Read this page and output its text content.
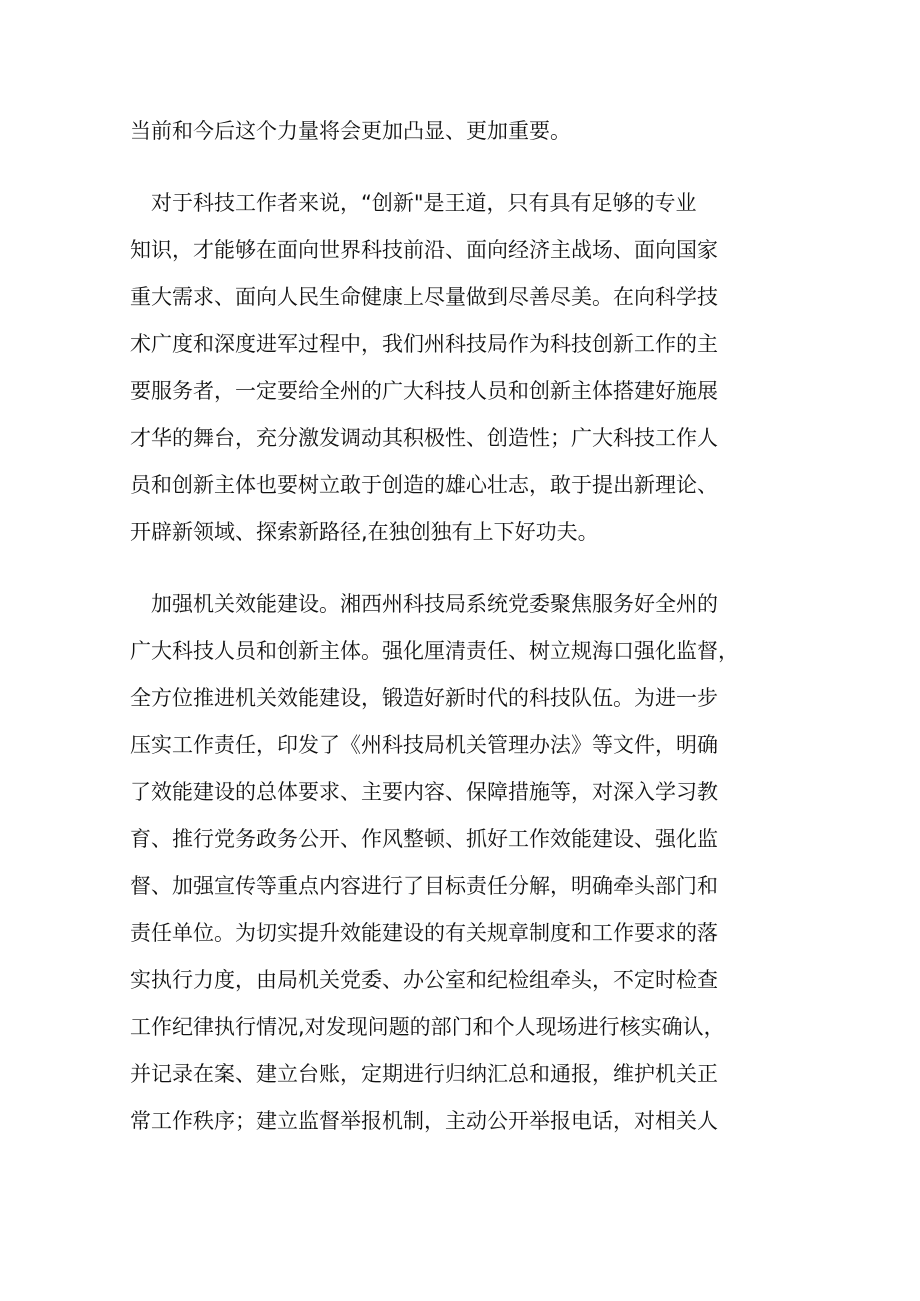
当前和今后这个力量将会更加凸显、更加重要。
　对于科技工作者来说，“创新"是王道，只有具有足够的专业
知识，才能够在面向世界科技前沿、面向经济主战场、面向国家
重大需求、面向人民生命健康上尽量做到尽善尽美。在向科学技
术广度和深度进军过程中，我们州科技局作为科技创新工作的主
要服务者，一定要给全州的广大科技人员和创新主体搭建好施展
才华的舞台，充分激发调动其积极性、创造性；广大科技工作人
员和创新主体也要树立敢于创造的雄心壮志，敢于提出新理论、
开辟新领域、探索新路径,在独创独有上下好功夫。
　加强机关效能建设。湘西州科技局系统党委聚焦服务好全州的
广大科技人员和创新主体。强化厘清责任、树立规海口强化监督，
全方位推进机关效能建设，锻造好新时代的科技队伍。为进一步
压实工作责任，印发了《州科技局机关管理办法》等文件，明确
了效能建设的总体要求、主要内容、保障措施等，对深入学习教
育、推行党务政务公开、作风整顿、抓好工作效能建设、强化监
督、加强宣传等重点内容进行了目标责任分解，明确牵头部门和
责任单位。为切实提升效能建设的有关规章制度和工作要求的落
实执行力度，由局机关党委、办公室和纪检组牵头，不定时检查
工作纪律执行情况,对发现问题的部门和个人现场进行核实确认，
并记录在案、建立台账，定期进行归纳汇总和通报，维护机关正
常工作秩序；建立监督举报机制，主动公开举报电话，对相关人
